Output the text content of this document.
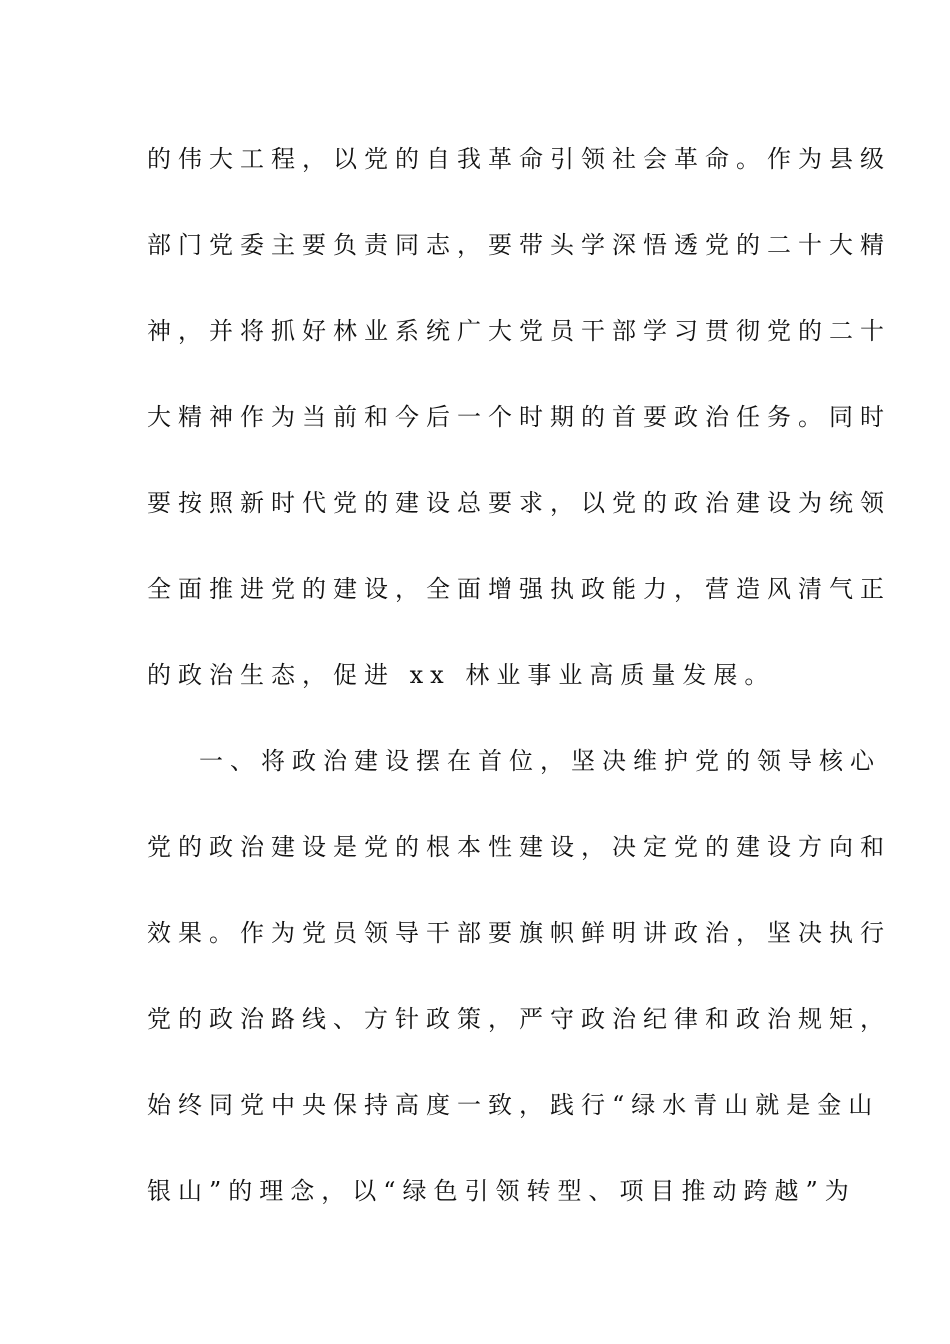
的伟大工程，以党的自我革命引领社会革命。作为县级
部门党委主要负责同志，要带头学深悟透党的二十大精
神，并将抓好林业系统广大党员干部学习贯彻党的二十
大精神作为当前和今后一个时期的首要政治任务。同时
要按照新时代党的建设总要求，以党的政治建设为统领
全面推进党的建设，全面增强执政能力，营造风清气正
的政治生态，促进 xx 林业事业高质量发展。
一、将政治建设摆在首位，坚决维护党的领导核心
党的政治建设是党的根本性建设，决定党的建设方向和
效果。作为党员领导干部要旗帜鲜明讲政治，坚决执行
党的政治路线、方针政策，严守政治纪律和政治规矩，
始终同党中央保持高度一致，践行“绿水青山就是金山
银山”的理念，以“绿色引领转型、项目推动跨越”为
